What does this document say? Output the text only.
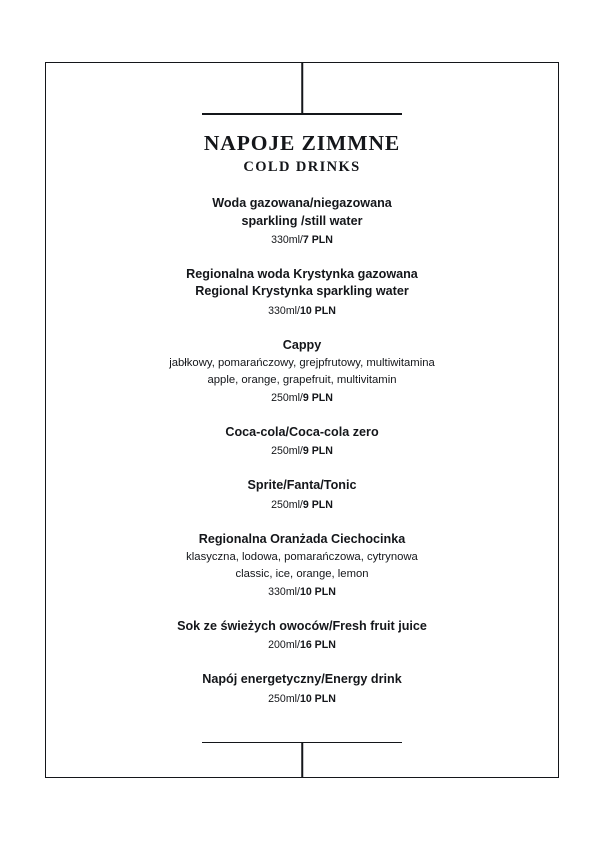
NAPOJE ZIMMNE
COLD DRINKS

Woda gazowana/niegazowana

sparkling /still water

330ml/7 PLN

Regionalna woda Krystynka gazowana

Regional Krystynka sparkling water

330ml/10 PLN

Cappy

jabłkowy, pomarańczowy, grejpfrutowy, multiwitamina

apple, orange, grapefruit, multivitamin

250ml/9 PLN

Coca-cola/Coca-cola zero

250ml/9 PLN

Sprite/Fanta/Tonic

250ml/9 PLN

Regionalna Oranżada Ciechocinka

klasyczna, lodowa, pomarańczowa, cytrynowa

classic, ice, orange, lemon

330ml/10 PLN

Sok ze świeżych owoców/Fresh fruit juice

200ml/16 PLN

Napój energetyczny/Energy drink

250ml/10 PLN
